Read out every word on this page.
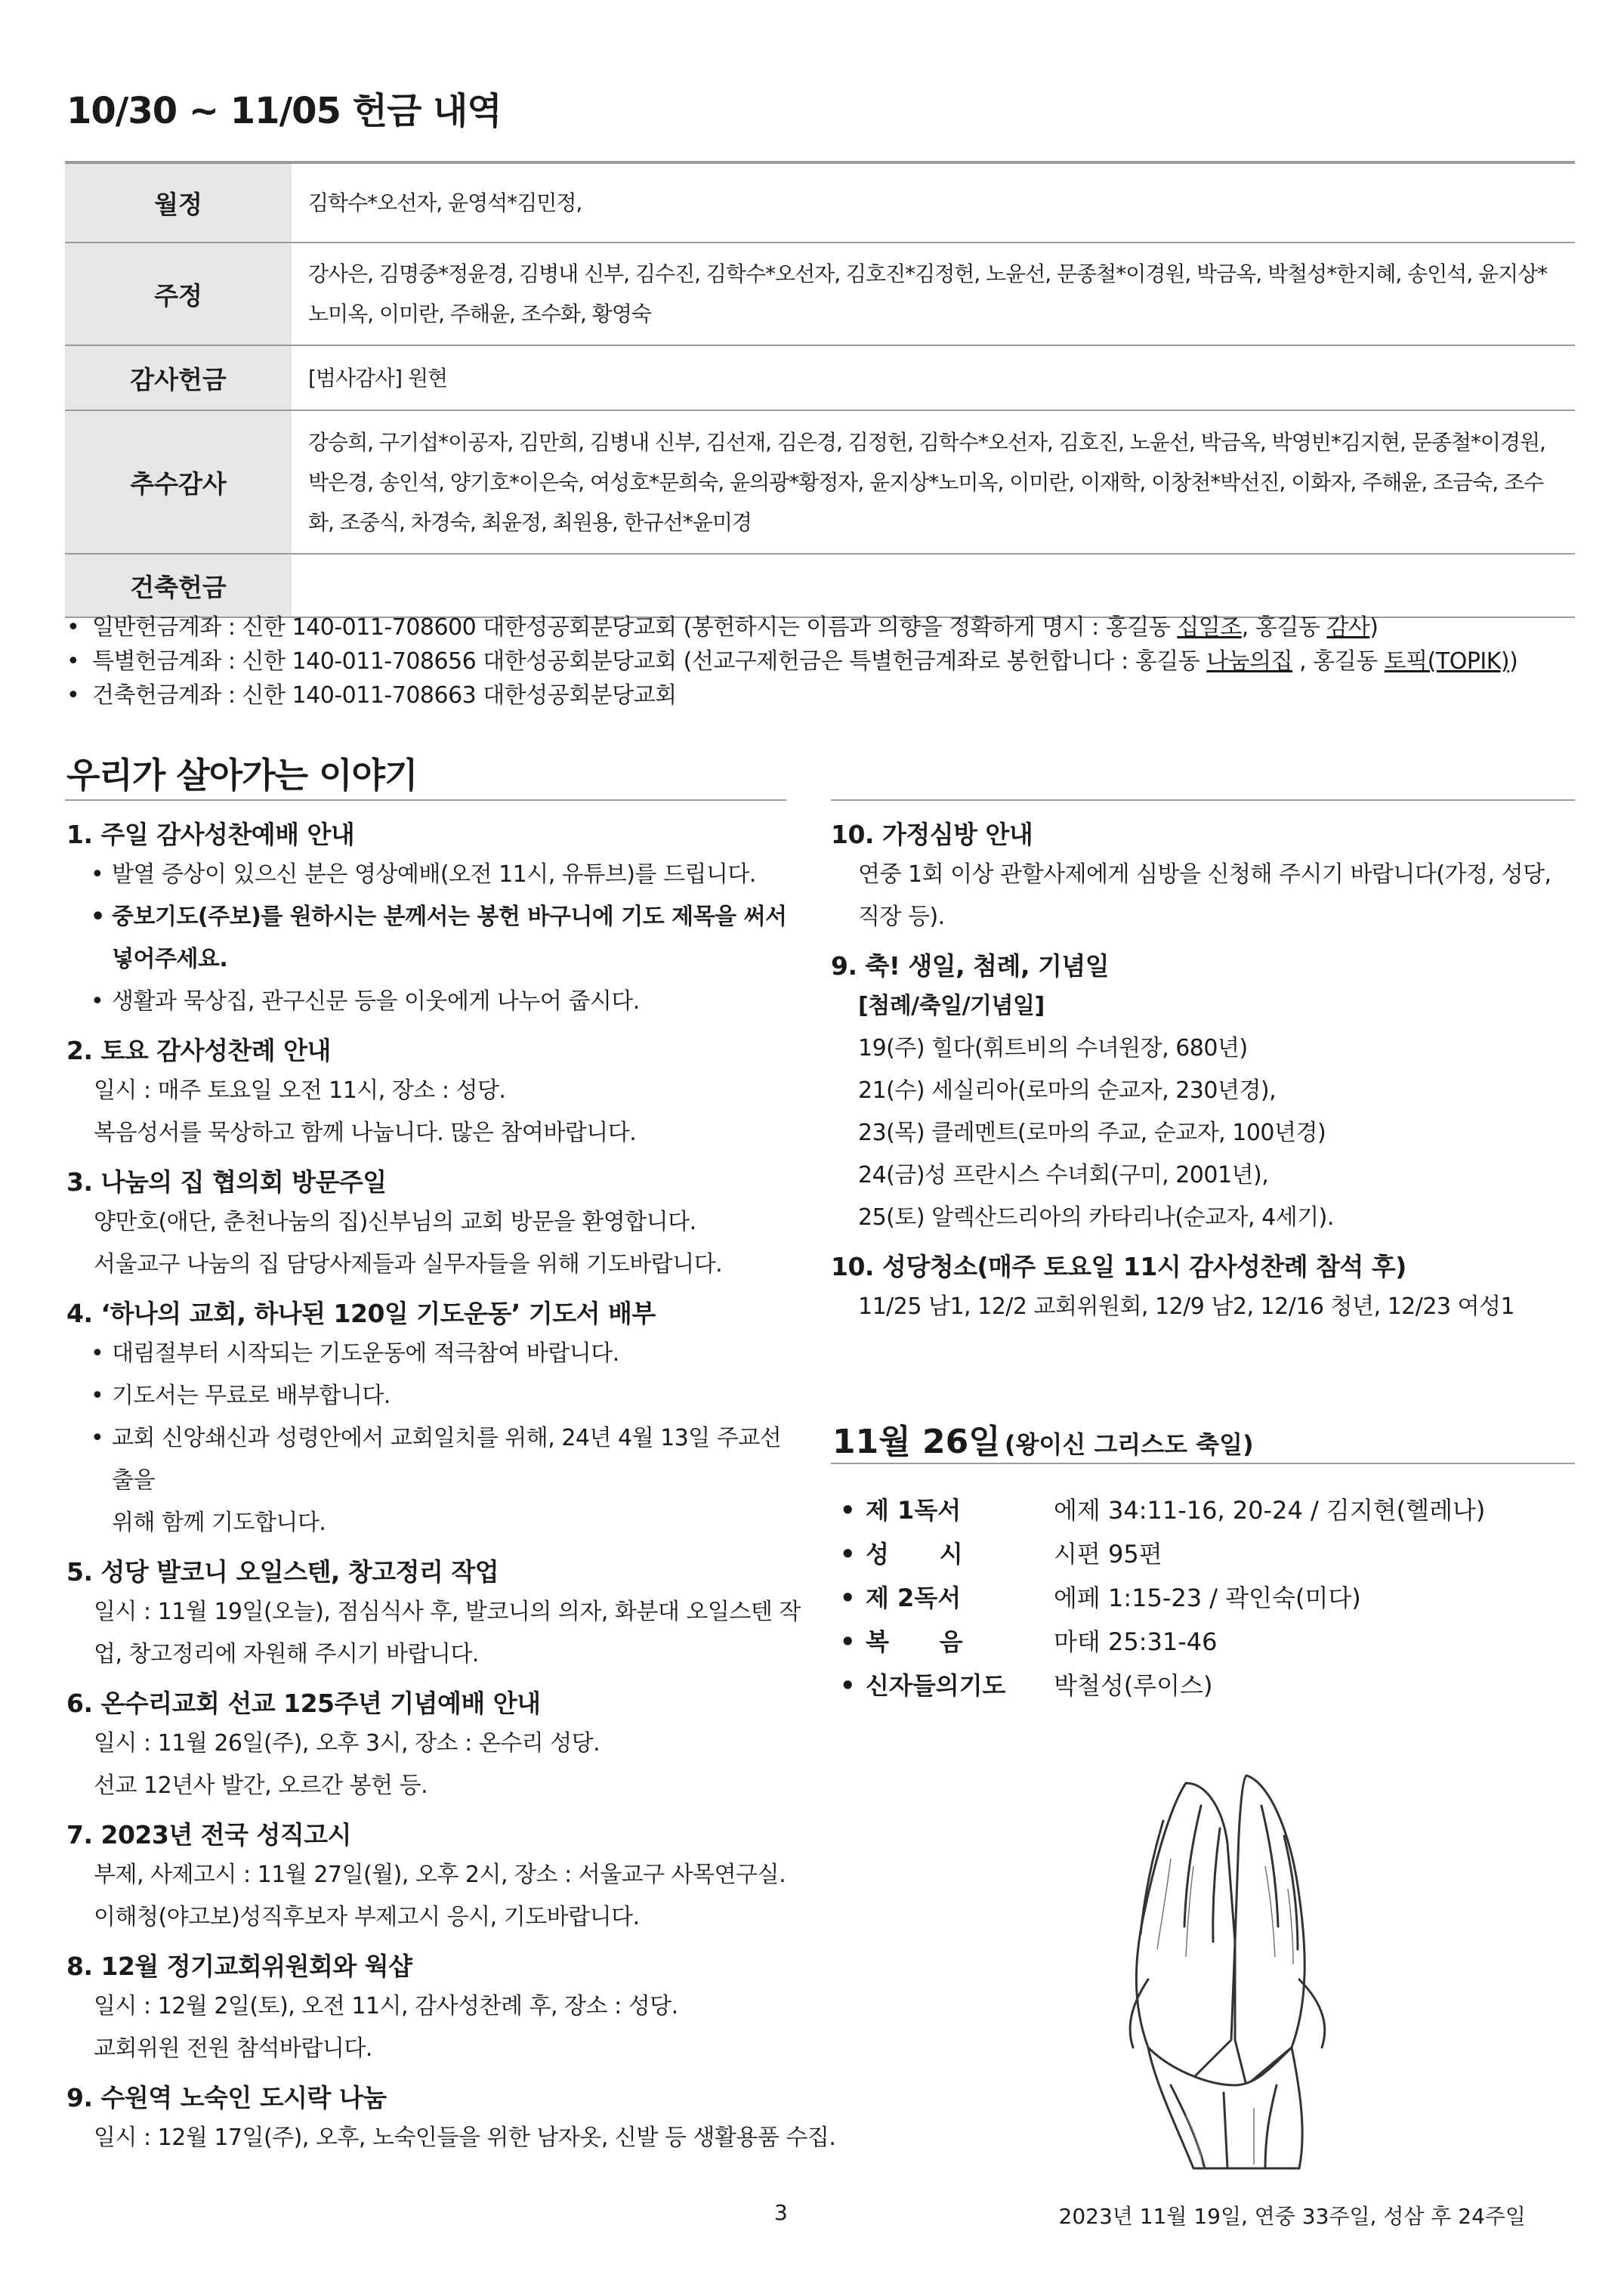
10/30 ~ 11/05 헌금 내역
월정	김학수*오선자, 윤영석*김민정,
주정	강사은, 김명중*정윤경, 김병내 신부, 김수진, 김학수*오선자, 김호진*김정헌, 노윤선, 문종철*이경원, 박금옥, 박철성*한지혜, 송인석, 윤지상*노미옥, 이미란, 주해윤, 조수화, 황영숙
감사헌금	[범사감사] 원현
추수감사	강승희, 구기섭*이공자, 김만희, 김병내 신부, 김선재, 김은경, 김정헌, 김학수*오선자, 김호진, 노윤선, 박금옥, 박영빈*김지현, 문종철*이경원, 박은경, 송인석, 양기호*이은숙, 여성호*문희숙, 윤의광*황정자, 윤지상*노미옥, 이미란, 이재학, 이창천*박선진, 이화자, 주해윤, 조금숙, 조수화, 조중식, 차경숙, 최윤정, 최원용, 한규선*윤미경
건축헌금	
• 일반헌금계좌 : 신한 140-011-708600 대한성공회분당교회 (봉헌하시는 이름과 의향을 정확하게 명시 : 홍길동 십일조, 홍길동 감사)
• 특별헌금계좌 : 신한 140-011-708656 대한성공회분당교회 (선교구제헌금은 특별헌금계좌로 봉헌합니다 : 홍길동 나눔의집 , 홍길동 토픽(TOPIK))
• 건축헌금계좌 : 신한 140-011-708663 대한성공회분당교회
우리가 살아가는 이야기
1. 주일 감사성찬예배 안내
• 발열 증상이 있으신 분은 영상예배(오전 11시, 유튜브)를 드립니다.
• 중보기도(주보)를 원하시는 분께서는 봉헌 바구니에 기도 제목을 써서
넣어주세요.
• 생활과 묵상집, 관구신문 등을 이웃에게 나누어 줍시다.
2. 토요 감사성찬례 안내
일시 : 매주 토요일 오전 11시, 장소 : 성당.
복음성서를 묵상하고 함께 나눕니다. 많은 참여바랍니다.
3. 나눔의 집 협의회 방문주일
양만호(애단, 춘천나눔의 집)신부님의 교회 방문을 환영합니다.
서울교구 나눔의 집 담당사제들과 실무자들을 위해 기도바랍니다.
4. ‘하나의 교회, 하나된 120일 기도운동’ 기도서 배부
• 대림절부터 시작되는 기도운동에 적극참여 바랍니다.
• 기도서는 무료로 배부합니다.
• 교회 신앙쇄신과 성령안에서 교회일치를 위해, 24년 4월 13일 주교선출을
위해 함께 기도합니다.
5. 성당 발코니 오일스텐, 창고정리 작업
일시 : 11월 19일(오늘), 점심식사 후, 발코니의 의자, 화분대 오일스텐 작
업, 창고정리에 자원해 주시기 바랍니다.
6. 온수리교회 선교 125주년 기념예배 안내
일시 : 11월 26일(주), 오후 3시, 장소 : 온수리 성당.
선교 12년사 발간, 오르간 봉헌 등.
7. 2023년 전국 성직고시
부제, 사제고시 : 11월 27일(월), 오후 2시, 장소 : 서울교구 사목연구실.
이해청(야고보)성직후보자 부제고시 응시, 기도바랍니다.
8. 12월 정기교회위원회와 웍샵
일시 : 12월 2일(토), 오전 11시, 감사성찬례 후, 장소 : 성당.
교회위원 전원 참석바랍니다.
9. 수원역 노숙인 도시락 나눔
일시 : 12월 17일(주), 오후, 노숙인들을 위한 남자옷, 신발 등 생활용품 수집.
10. 가정심방 안내
연중 1회 이상 관할사제에게 심방을 신청해 주시기 바랍니다(가정, 성당,
직장 등).
9. 축! 생일, 첨례, 기념일
[첨례/축일/기념일]
19(주) 힐다(휘트비의 수녀원장, 680년)
21(수) 세실리아(로마의 순교자, 230년경),
23(목) 클레멘트(로마의 주교, 순교자, 100년경)
24(금)성 프란시스 수녀회(구미, 2001년),
25(토) 알렉산드리아의 카타리나(순교자, 4세기).
10. 성당청소(매주 토요일 11시 감사성찬례 참석 후)
11/25 남1, 12/2 교회위원회, 12/9 남2, 12/16 청년, 12/23 여성1
11월 26일 (왕이신 그리스도 축일)
• 제 1독서	에제 34:11-16, 20-24 / 김지현(헬레나)
• 성      시	시편 95편
• 제 2독서	에페 1:15-23 / 곽인숙(미다)
• 복      음	마태 25:31-46
• 신자들의기도 박철성(루이스)
3	2023년 11월 19일, 연중 33주일, 성삼 후 24주일
